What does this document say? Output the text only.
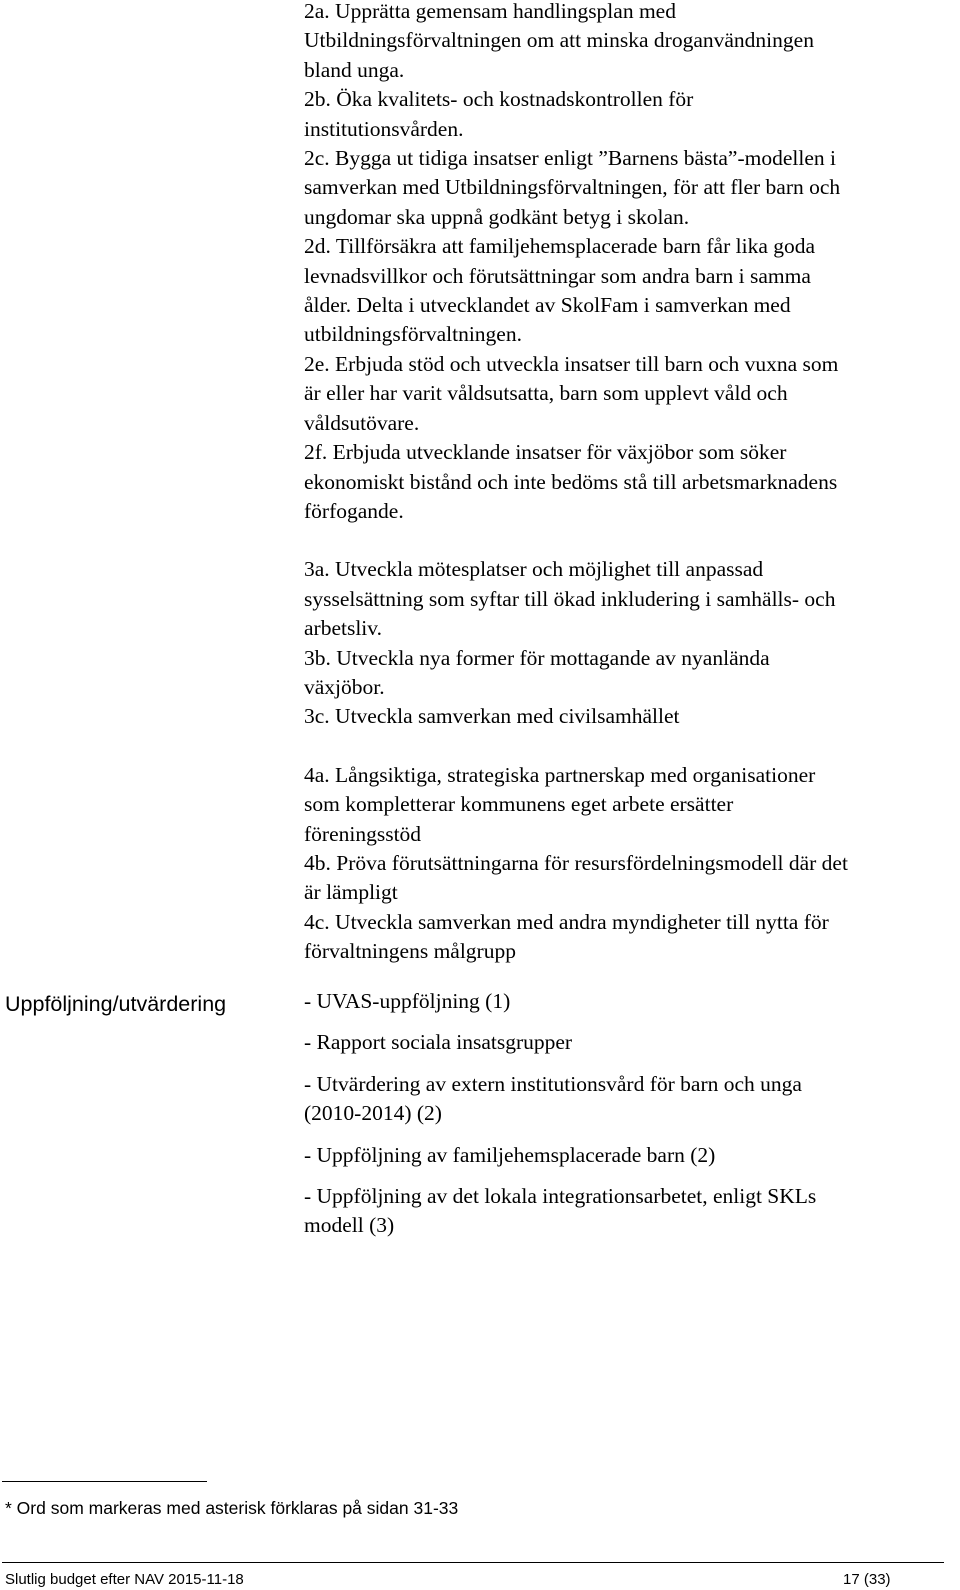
2a. Upprätta gemensam handlingsplan med
Utbildningsförvaltningen om att minska droganvändningen
bland unga.

2b. Öka kvalitets- och kostnadskontrollen för
institutionsvården.

2c. Bygga ut tidiga insatser enligt ”Barnens bästa”-modellen i
samverkan med Utbildningsförvaltningen, för att fler barn och
ungdomar ska uppnå godkänt betyg i skolan.

2d. Tillförsäkra att familjehemsplacerade barn får lika goda
levnadsvillkor och förutsättningar som andra barn i samma
ålder. Delta i utvecklandet av SkolFam i samverkan med
utbildningsförvaltningen.

2e. Erbjuda stöd och utveckla insatser till barn och vuxna som
är eller har varit våldsutsatta, barn som upplevt våld och
våldsutövare.

2f. Erbjuda utvecklande insatser för växjöbor som söker
ekonomiskt bistånd och inte bedöms stå till arbetsmarknadens
förfogande.

3a. Utveckla mötesplatser och möjlighet till anpassad
sysselsättning som syftar till ökad inkludering i samhälls- och
arbetsliv.

3b. Utveckla nya former för mottagande av nyanlända
växjöbor.

3c. Utveckla samverkan med civilsamhället

4a. Långsiktiga, strategiska partnerskap med organisationer
som kompletterar kommunens eget arbete ersätter
föreningsstöd

4b. Pröva förutsättningarna för resursfördelningsmodell där det
är lämpligt

4c. Utveckla samverkan med andra myndigheter till nytta för
förvaltningens målgrupp

Uppföljning/utvärdering	- UVAS-uppföljning (1)

- Rapport sociala insatsgrupper

- Utvärdering av extern institutionsvård för barn och unga
(2010-2014) (2)

- Uppföljning av familjehemsplacerade barn (2)

- Uppföljning av det lokala integrationsarbetet, enligt SKLs
modell (3)

* Ord som markeras med asterisk förklaras på sidan 31-33
Slutlig budget efter NAV 2015-11-18	17 (33)
